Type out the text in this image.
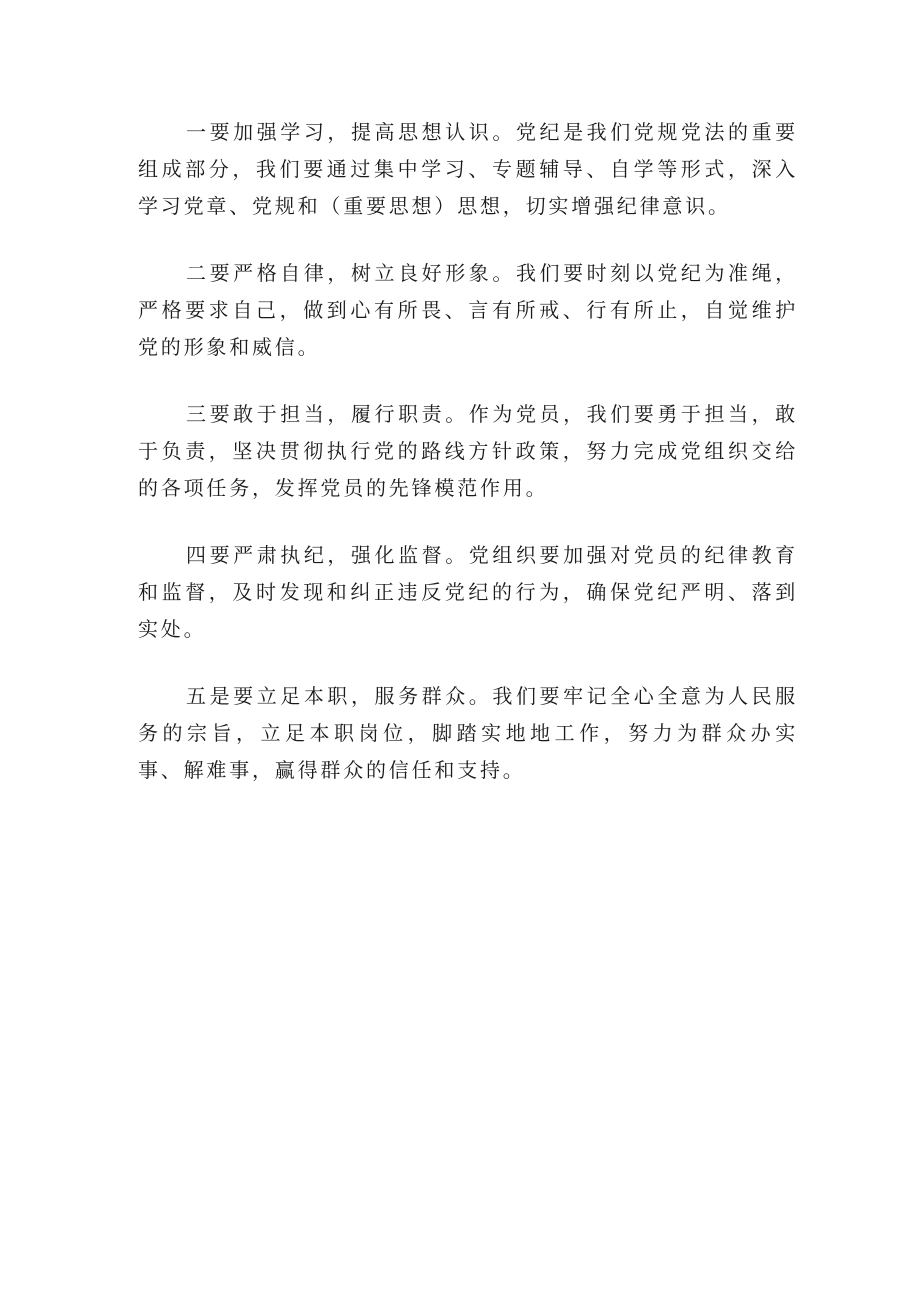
一要加强学习，提高思想认识。党纪是我们党规党法的重要组成部分，我们要通过集中学习、专题辅导、自学等形式，深入学习党章、党规和（重要思想）思想，切实增强纪律意识。

二要严格自律，树立良好形象。我们要时刻以党纪为准绳，严格要求自己，做到心有所畏、言有所戒、行有所止，自觉维护党的形象和威信。

三要敢于担当，履行职责。作为党员，我们要勇于担当，敢于负责，坚决贯彻执行党的路线方针政策，努力完成党组织交给的各项任务，发挥党员的先锋模范作用。

四要严肃执纪，强化监督。党组织要加强对党员的纪律教育和监督，及时发现和纠正违反党纪的行为，确保党纪严明、落到实处。

五是要立足本职，服务群众。我们要牢记全心全意为人民服务的宗旨，立足本职岗位，脚踏实地地工作，努力为群众办实事、解难事，赢得群众的信任和支持。
